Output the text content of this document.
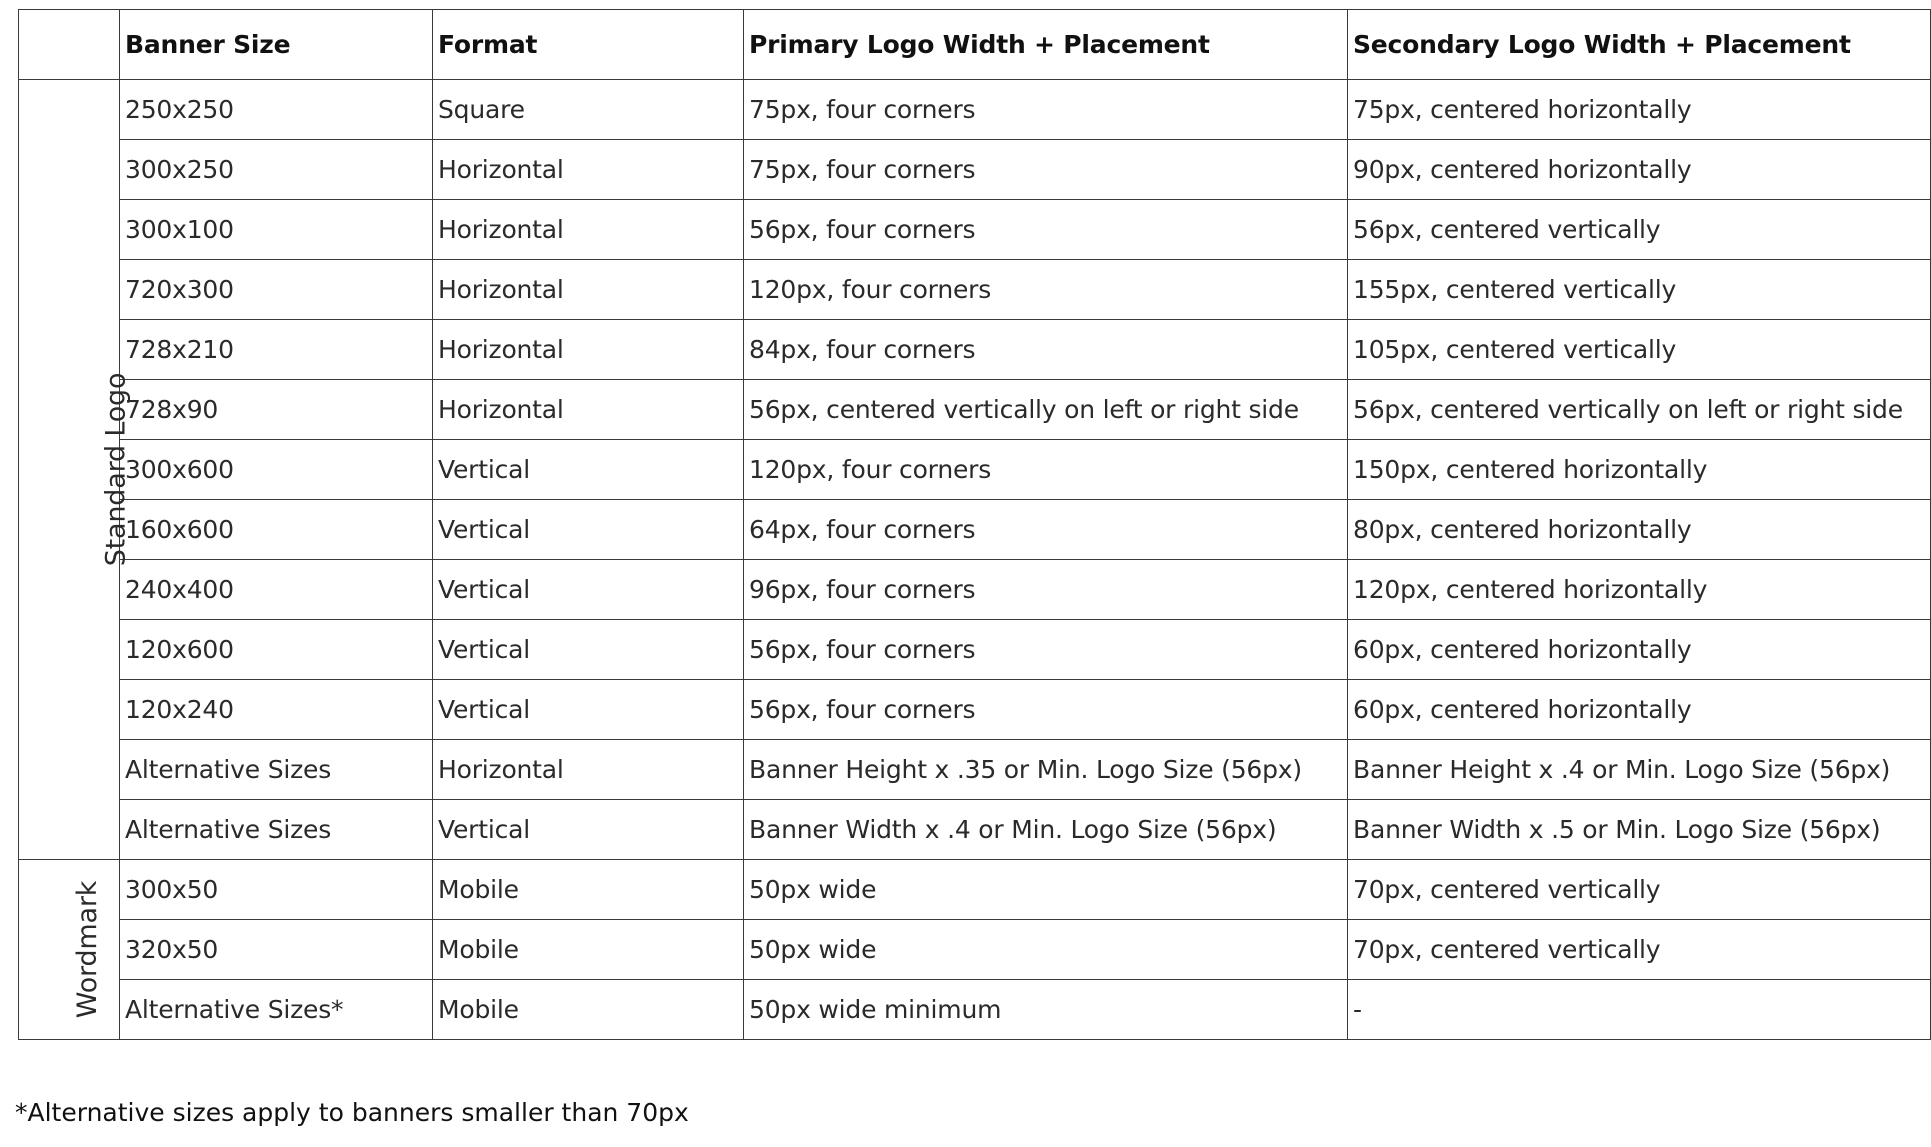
	Banner Size	Format	Primary Logo Width + Placement	Secondary Logo Width + Placement
Standard Logo	250x250	Square	75px, four corners	75px, centered horizontally
	300x250	Horizontal	75px, four corners	90px, centered horizontally
	300x100	Horizontal	56px, four corners	56px, centered vertically
	720x300	Horizontal	120px, four corners	155px, centered vertically
	728x210	Horizontal	84px, four corners	105px, centered vertically
	728x90	Horizontal	56px, centered vertically on left or right side	56px, centered vertically on left or right side
	300x600	Vertical	120px, four corners	150px, centered horizontally
	160x600	Vertical	64px, four corners	80px, centered horizontally
	240x400	Vertical	96px, four corners	120px, centered horizontally
	120x600	Vertical	56px, four corners	60px, centered horizontally
	120x240	Vertical	56px, four corners	60px, centered horizontally
	Alternative Sizes	Horizontal	Banner Height x .35 or Min. Logo Size (56px)	Banner Height x .4 or Min. Logo Size (56px)
	Alternative Sizes	Vertical	Banner Width x .4 or Min. Logo Size (56px)	Banner Width x .5 or Min. Logo Size (56px)
Wordmark	300x50	Mobile	50px wide	70px, centered vertically
	320x50	Mobile	50px wide	70px, centered vertically
	Alternative Sizes*	Mobile	50px wide minimum	-
*Alternative sizes apply to banners smaller than 70px
